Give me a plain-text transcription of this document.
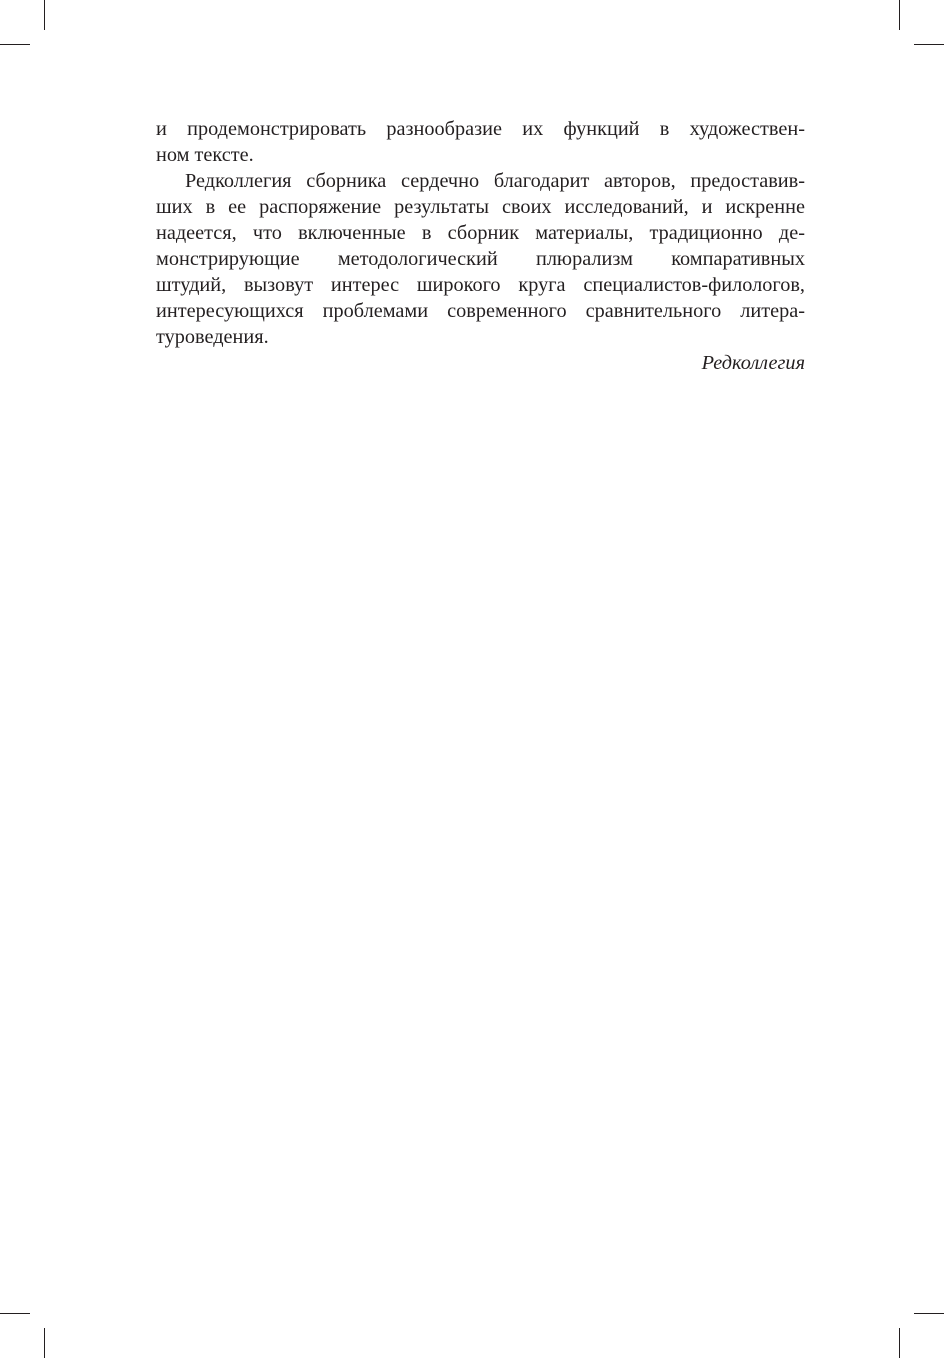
и продемонстрировать разнообразие их функций в художествен-
ном тексте.
Редколлегия сборника сердечно благодарит авторов, предоставив-
ших в ее распоряжение результаты своих исследований, и искренне
надеется, что включенные в сборник материалы, традиционно де-
монстрирующие методологический плюрализм компаративных
штудий, вызовут интерес широкого круга специалистов-филологов,
интересующихся проблемами современного сравнительного литера-
туроведения.
Редколлегия
